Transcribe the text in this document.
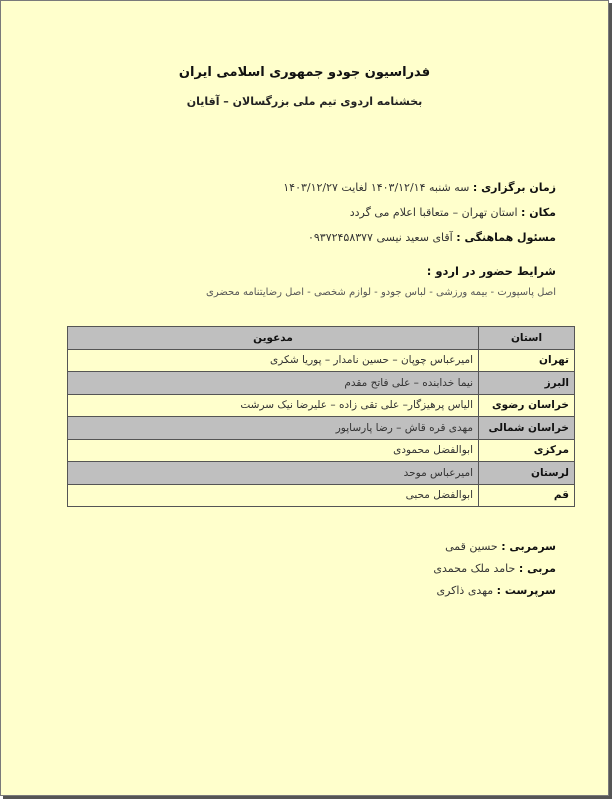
فدراسیون جودو جمهوری اسلامی ایران
بخشنامه اردوی تیم ملی بزرگسالان – آقایان
زمان برگزاری : سه شنبه ۱۴۰۳/۱۲/۱۴ لغایت ۱۴۰۳/۱۲/۲۷
مکان : استان تهران – متعاقبا اعلام می گردد
مسئول هماهنگی : آقای سعید نیسی ۰۹۳۷۲۴۵۸۳۷۷
شرایط حضور در اردو :
اصل پاسپورت - بیمه ورزشی - لباس جودو - لوازم شخصی - اصل رضایتنامه محضری
استان	مدعوین
تهران	امیرعباس چوپان – حسین نامدار – پوریا شکری
البرز	نیما خدابنده – علی فاتح مقدم
خراسان رضوی	الیاس پرهیزگار– علی تقی زاده – علیرضا نیک سرشت
خراسان شمالی	مهدی قره قاش – رضا پارساپور
مرکزی	ابوالفضل محمودی
لرستان	امیرعباس موحد
قم	ابوالفضل محبی
سرمربی : حسین قمی
مربی : حامد ملک محمدی
سرپرست : مهدی ذاکری
